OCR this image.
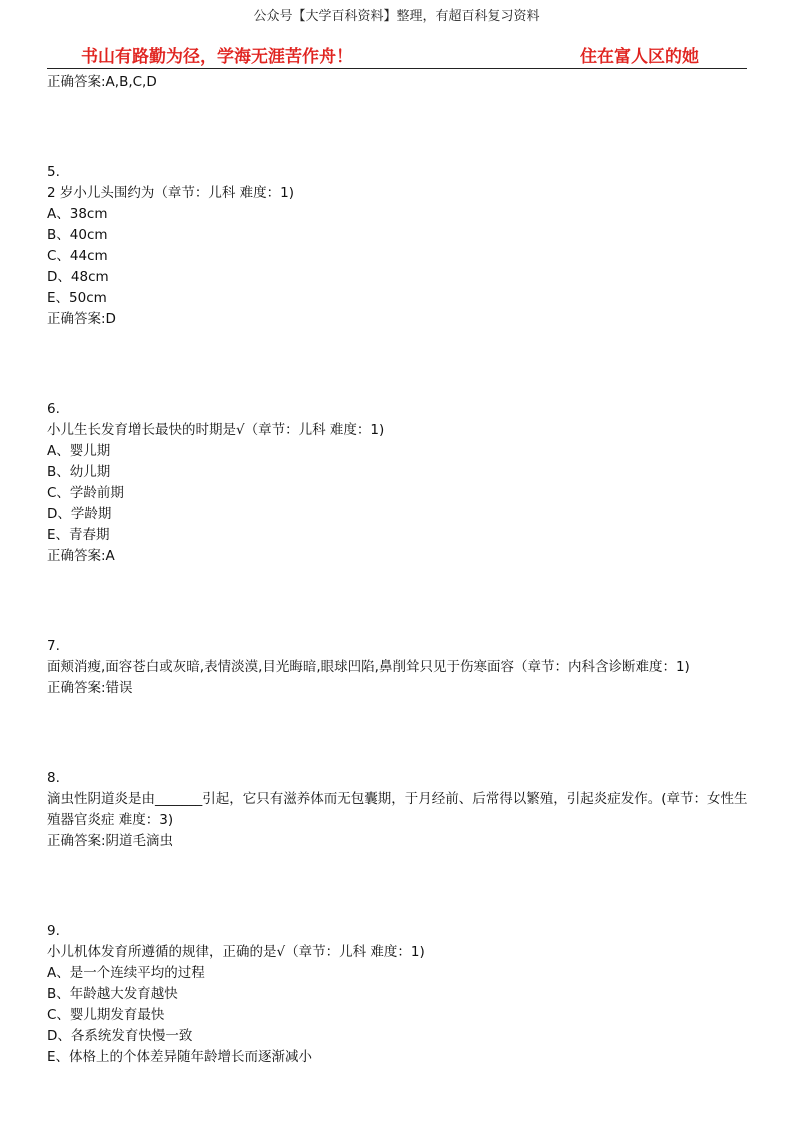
公众号【大学百科资料】整理，有超百科复习资料
书山有路勤为径，学海无涯苦作舟！	住在富人区的她
正确答案:A,B,C,D
5.
2 岁小儿头围约为（章节：儿科 难度：1)
A、38cm
B、40cm
C、44cm
D、48cm
E、50cm
正确答案:D
6.
小儿生长发育增长最快的时期是√（章节：儿科 难度：1)
A、婴儿期
B、幼儿期
C、学龄前期
D、学龄期
E、青春期
正确答案:A
7.
面颊消瘦,面容苍白或灰暗,表情淡漠,目光晦暗,眼球凹陷,鼻削耸只见于伤寒面容（章节：内科含诊断难度：1)
正确答案:错误
8.
滴虫性阴道炎是由_______引起，它只有滋养体而无包囊期，于月经前、后常得以繁殖，引起炎症发作。(章节：女性生殖器官炎症 难度：3)
正确答案:阴道毛滴虫
9.
小儿机体发育所遵循的规律，正确的是√（章节：儿科 难度：1)
A、是一个连续平均的过程
B、年龄越大发育越快
C、婴儿期发育最快
D、各系统发育快慢一致
E、体格上的个体差异随年龄增长而逐渐减小
